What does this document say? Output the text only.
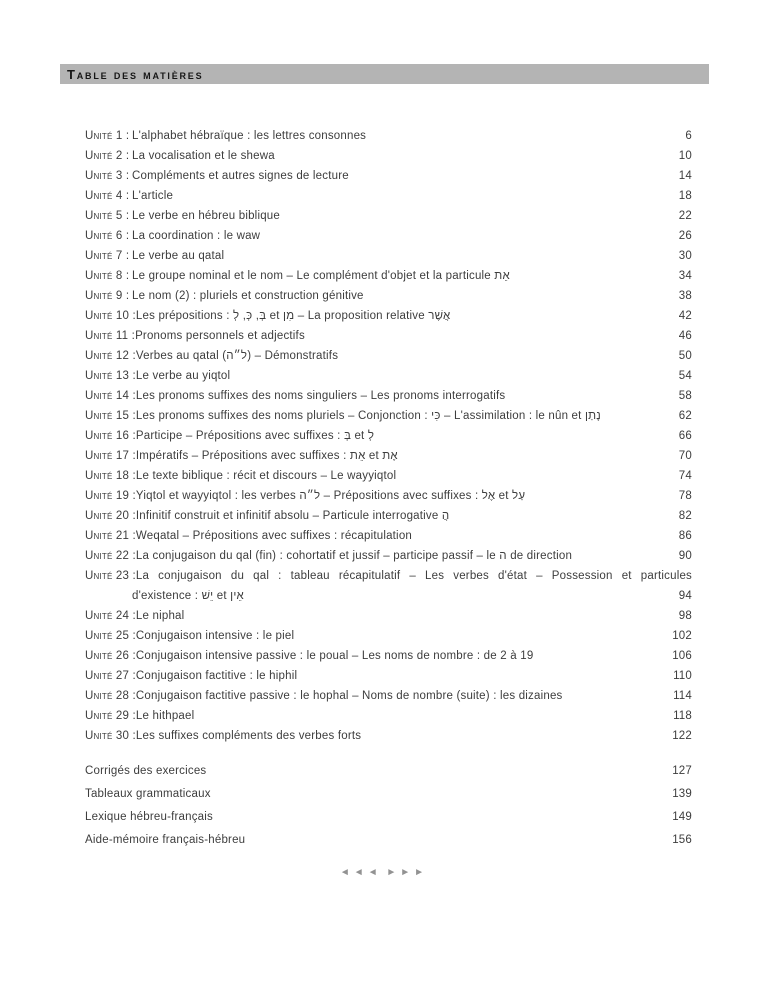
Table des matières
Unité 1 : L'alphabet hébraïque : les lettres consonnes	6
Unité 2 : La vocalisation et le shewa	10
Unité 3 : Compléments et autres signes de lecture	14
Unité 4 : L'article	18
Unité 5 : Le verbe en hébreu biblique	22
Unité 6 : La coordination : le waw	26
Unité 7 : Le verbe au qatal	30
Unité 8 : Le groupe nominal et le nom – Le complément d'objet et la particule אֵת	34
Unité 9 : Le nom (2) : pluriels et construction génitive	38
Unité 10 : Les prépositions : בְּ, כְּ, לְ et מִן – La proposition relative אֲשֶׁר	42
Unité 11 : Pronoms personnels et adjectifs	46
Unité 12 : Verbes au qatal (ל״ה) – Démonstratifs	50
Unité 13 : Le verbe au yiqtol	54
Unité 14 : Les pronoms suffixes des noms singuliers – Les pronoms interrogatifs	58
Unité 15 : Les pronoms suffixes des noms pluriels – Conjonction : כִּי – L'assimilation : le nûn et נָתַן	62
Unité 16 : Participe – Prépositions avec suffixes : בְּ et לְ	66
Unité 17 : Impératifs – Prépositions avec suffixes : אֵת et אֶת	70
Unité 18 : Le texte biblique : récit et discours – Le wayyiqtol	74
Unité 19 : Yiqtol et wayyiqtol : les verbes ל״ה – Prépositions avec suffixes : אֶל et עַל	78
Unité 20 : Infinitif construit et infinitif absolu – Particule interrogative הֲ	82
Unité 21 : Weqatal – Prépositions avec suffixes : récapitulation	86
Unité 22 : La conjugaison du qal (fin) : cohortatif et jussif – participe passif – le ה de direction	90
Unité 23 :La conjugaison du qal : tableau récapitulatif – Les verbes d'état – Possession et particules
d'existence : יֵשׁ et אֵין	94
Unité 24 : Le niphal	98
Unité 25 : Conjugaison intensive : le piel	102
Unité 26 : Conjugaison intensive passive : le poual – Les noms de nombre : de 2 à 19	106
Unité 27 : Conjugaison factitive : le hiphil	110
Unité 28 : Conjugaison factitive passive : le hophal – Noms de nombre (suite) : les dizaines	114
Unité 29 : Le hithpael	118
Unité 30 : Les suffixes compléments des verbes forts	122
Corrigés des exercices	127
Tableaux grammaticaux	139
Lexique hébreu-français	149
Aide-mémoire français-hébreu	156
◄◄◄ ►►►
